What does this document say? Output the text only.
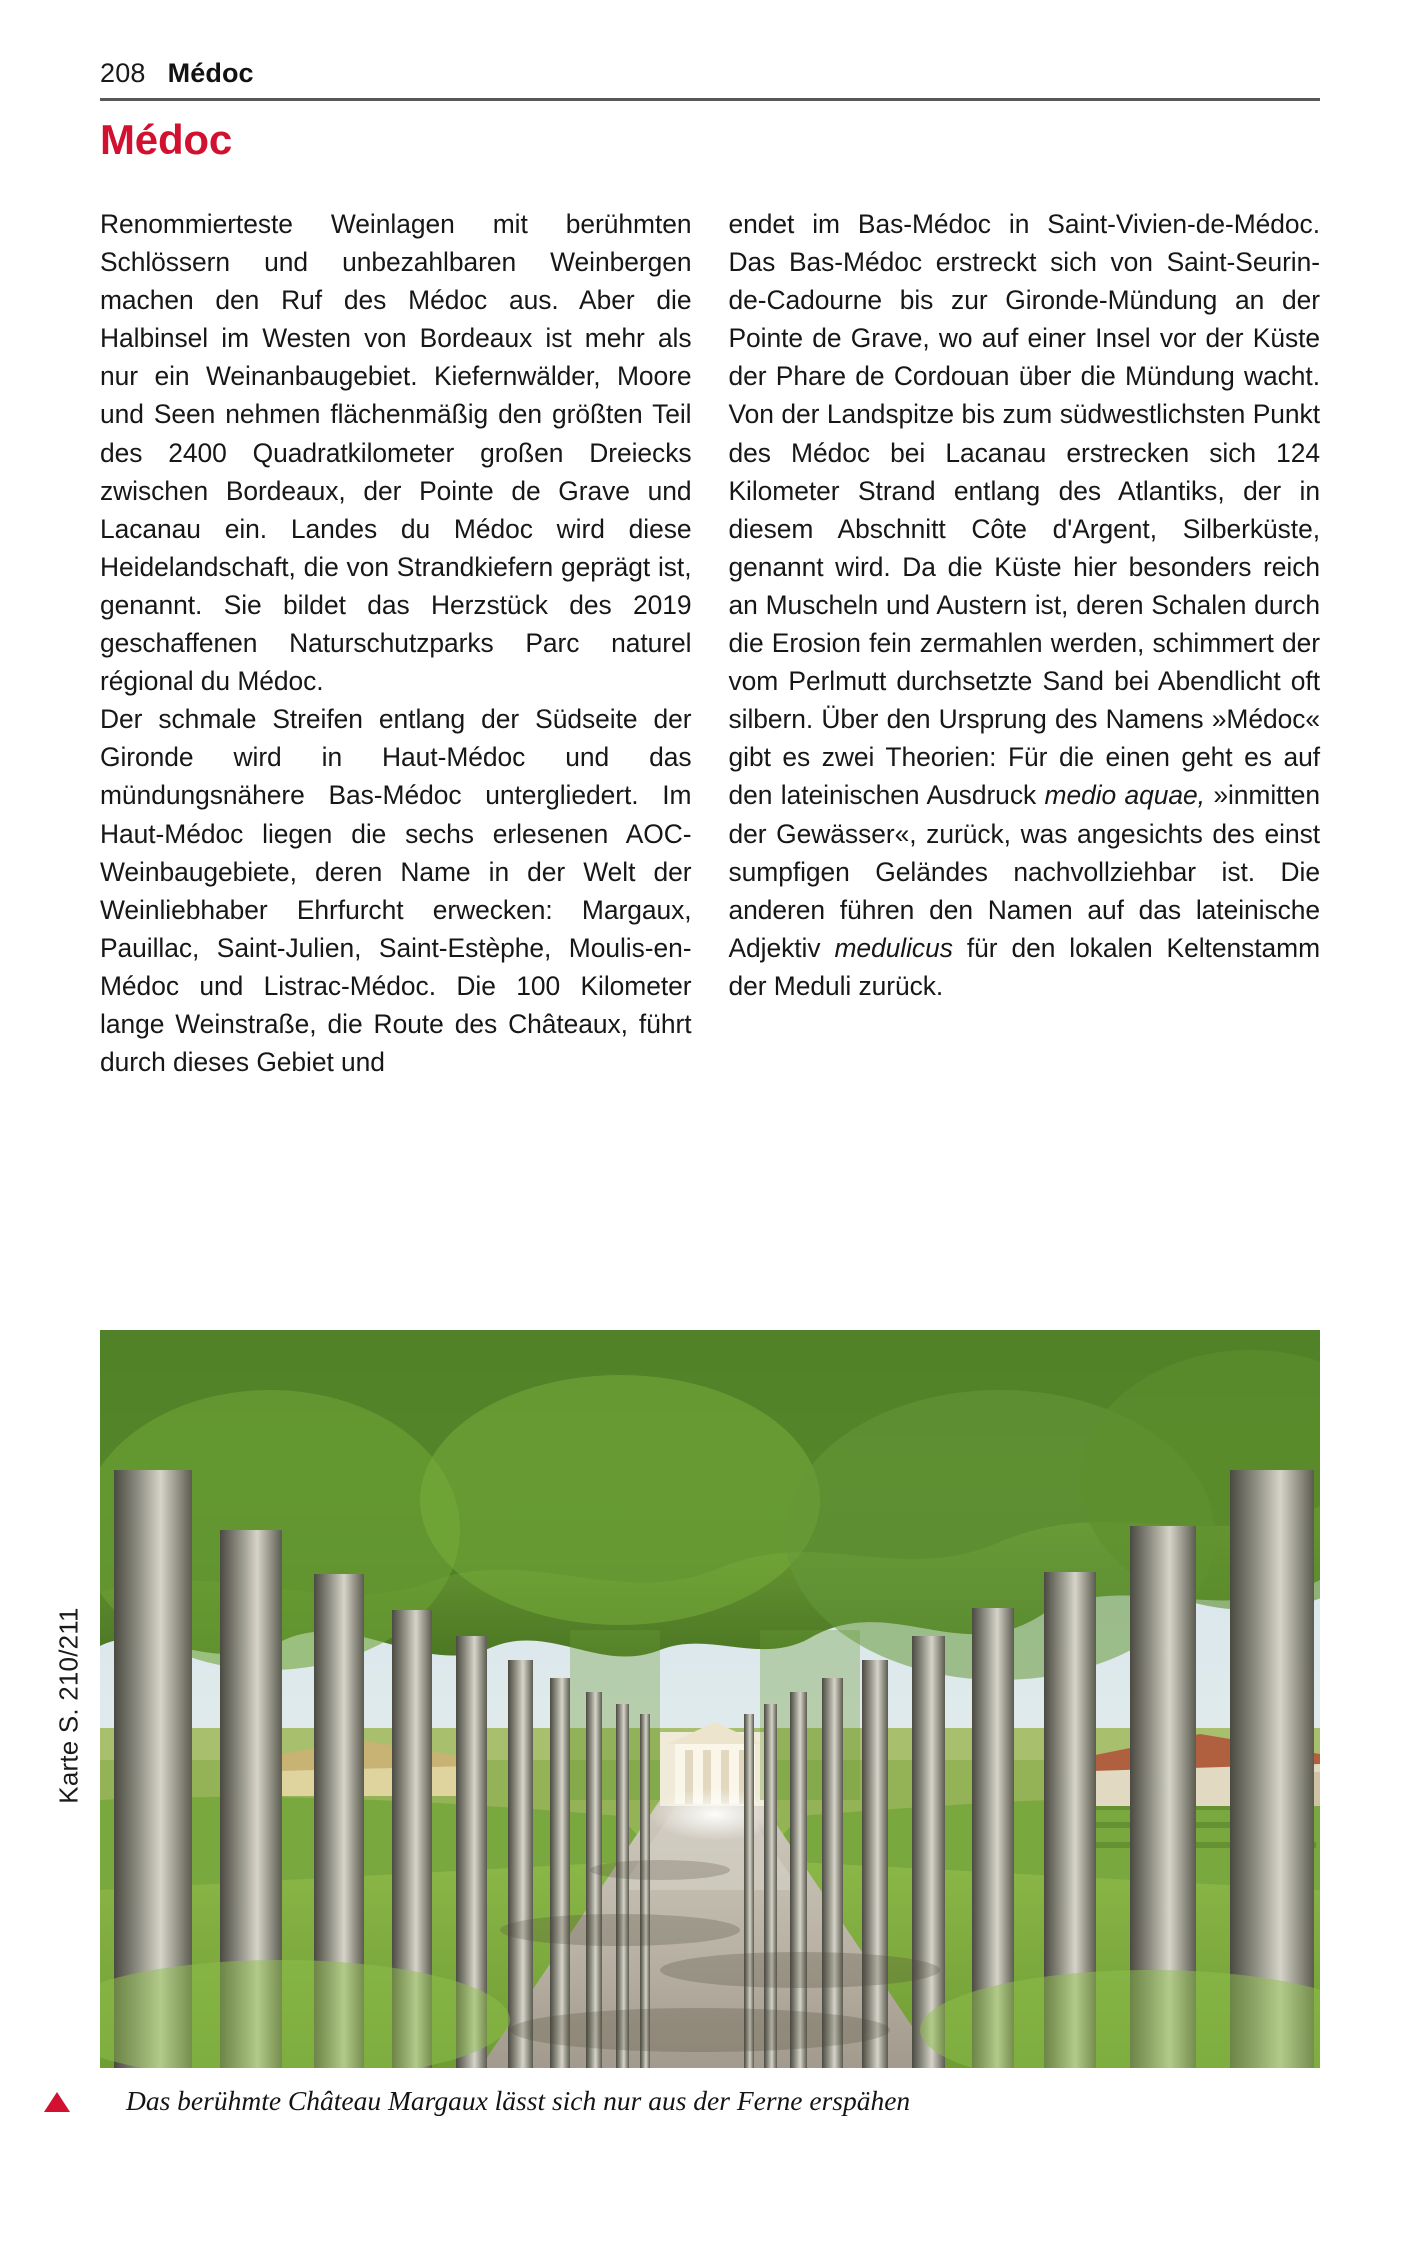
208 Médoc
Médoc

Renommierteste Weinlagen mit berühmten Schlössern und unbezahlbaren Weinbergen machen den Ruf des Médoc aus. Aber die Halbinsel im Westen von Bordeaux ist mehr als nur ein Weinanbaugebiet. Kiefernwälder, Moore und Seen nehmen flächenmäßig den größten Teil des 2400 Quadratkilometer großen Dreiecks zwischen Bordeaux, der Pointe de Grave und Lacanau ein. Landes du Médoc wird diese Heidelandschaft, die von Strandkiefern geprägt ist, genannt. Sie bildet das Herzstück des 2019 geschaffenen Naturschutzparks Parc naturel régional du Médoc.

Der schmale Streifen entlang der Südseite der Gironde wird in Haut-Médoc und das mündungsnähere Bas-Médoc untergliedert. Im Haut-Médoc liegen die sechs erlesenen AOC-Weinbaugebiete, deren Name in der Welt der Weinliebhaber Ehrfurcht erwecken: Margaux, Pauillac, Saint-Julien, Saint-Estèphe, Moulis-en-Médoc und Listrac-Médoc. Die 100 Kilometer lange Weinstraße, die Route des Châteaux, führt durch dieses Gebiet und

endet im Bas-Médoc in Saint-Vivien-de-Médoc. Das Bas-Médoc erstreckt sich von Saint-Seurin-de-Cadourne bis zur Gironde-Mündung an der Pointe de Grave, wo auf einer Insel vor der Küste der Phare de Cordouan über die Mündung wacht. Von der Landspitze bis zum südwestlichsten Punkt des Médoc bei Lacanau erstrecken sich 124 Kilometer Strand entlang des Atlantiks, der in diesem Abschnitt Côte d'Argent, Silberküste, genannt wird. Da die Küste hier besonders reich an Muscheln und Austern ist, deren Schalen durch die Erosion fein zermahlen werden, schimmert der vom Perlmutt durchsetzte Sand bei Abendlicht oft silbern. Über den Ursprung des Namens »Médoc« gibt es zwei Theorien: Für die einen geht es auf den lateinischen Ausdruck medio aquae, »inmitten der Gewässer«, zurück, was angesichts des einst sumpfigen Geländes nachvollziehbar ist. Die anderen führen den Namen auf das lateinische Adjektiv medulicus für den lokalen Keltenstamm der Meduli zurück.

Karte S. 210/211
Das berühmte Château Margaux lässt sich nur aus der Ferne erspähen
